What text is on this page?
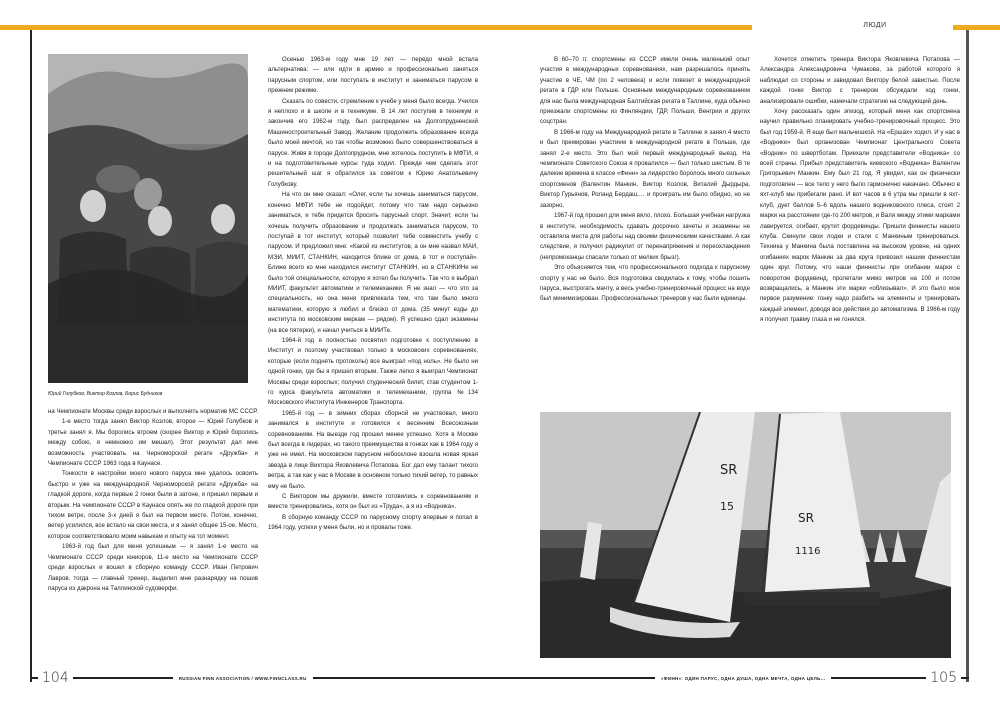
ЛЮДИ
Юрий Голубков, Виктор Козлов, Борис Будников

на Чемпионате Москвы среди взрослых и выполнить норматив МС СССР.

1-е место тогда занял Виктор Козлов, второе — Юрий Голубков и третье занял я. Мы боролись втроем (скорее Виктор и Юрий боролись между собою, я немножко им мешал). Этот результат дал мне возможность участвовать на Черноморской регате «Дружба» и Чемпионате СССР 1963 года в Каунасе.

Тонкости в настройки моего нового паруса мне удалось освоить быстро и уже на международной Черноморской регате «Дружба» на гладкой дороге, когда первые 2 гонки были в затоне, я пришел первым и вторым. На чемпионате СССР в Каунасе опять же по гладкой дороге при тихом ветре, после 3-х дней я был на первом месте. Потом, конечно, ветер усилился, все встало на свои места, и я занял общее 15-ое. Место, которое соответствовало моим навыкам и опыту на тот момент.

1963-й год был для меня успешным — я занял 1-е место на Чемпионате СССР среди юниоров, 11-е место на Чемпионате СССР среди взрослых и вошел в сборную команду СССР. Иван Петрович Лавров, тогда — главный тренер, выделил мне разнарядку на пошив паруса из дакрона на Таллинской судоверфи.

Осенью 1963-м году мне 19 лет — передо мной встала альтернатива: — или идти в армию и профессионально заняться парусным спортом, или поступать в институт и заниматься парусом в прежнем режиме.

Сказать по совести, стремление к учебе у меня было всегда. Учился я неплохо и в школе и в техникуме. В 14 лет поступив в техникум и закончив его 1962-м году, был распределен на Долгопрудненский Машиностроительный Завод. Желание продолжить образование всегда было моей мечтой, но так чтобы возможно было совершенствоваться в парусе. Живя в городе Долгопрудном, мне хотелось поступить в МФТИ, я и на подготовительные курсы туда ходил. Прежде чем сделать этот решительный шаг я обратился за советом к Юрию Анатольевичу Голубкову.

На что он мне сказал: «Олег, если ты хочешь заниматься парусом, конечно МФТИ тебе не подойдет, потому что там надо серьезно заниматься, и тебе придется бросить парусный спорт. Значит, если ты хочешь получить образование и продолжать заниматься парусом, то поступай в тот институт, который позволит тебе совместить учебу с парусом. И предложил мне: «Какой из институтов, а он мне назвал МАИ, МЭИ, МИИТ, СТАНКИН, находится ближе от дома, в тот и поступай». Ближе всего ко мне находился институт СТАНКИН, но в СТАНКИНе не было той специальности, которую я хотел бы получить. Так что я выбрал МИИТ, факультет автоматики и телемеханики. Я не знал — что это за специальность, но она меня привлекала тем, что там было много математики, которую я любил и близко от дома. (35 минут езды до института по московским меркам — рядом). Я успешно сдал экзамены (на все пятерки), и начал учиться в МИИТе.

1964-й год я полностью посвятил подготовке к поступлению в Институт и поэтому участвовал только в московских соревнованиях, которые (если поднять протоколы) все выиграл «под ноль». Не было ни одной гонки, где бы я пришел вторым. Также легко я выиграл Чемпионат Москвы среди взрослых; получил студенческий билет, став студентом 1-го курса факультета автоматики и телемеханики, группа №134 Московского Института Инженеров Транспорта.

1965-й год — в зимних сборах сборной не участвовал, много занимался в институте и готовился к весенним Всесоюзным соревнованиям. На выезде год прошел менее успешно. Хотя в Москве был всегда в лидерах, но такого преимущества в гонках как в 1964 году я уже не имел. На московском парусном небосклоне взошла новая яркая звезда в лице Виктора Яковлевича Потапова. Бог дал ему талант тихого ветра, а так как у нас в Москве в основном только тихий ветер, то равных ему не было.

С Виктором мы дружили, вместе готовились к соревнованиям и вместе тренировались, хотя он был из «Труда», а я из «Водника».

В сборную команду СССР по парусному спорту впервые я попал в 1964 году, успехи у меня были, но и провалы тоже.

В 60–70 гг. спортсмены из СССР имели очень маленький опыт участия в международных соревнованиях, нам разрешалось принять участие в ЧЕ, ЧМ (по 2 человека) и если повезет в международной регате в ГДР или Польше. Основным международным соревнованием для нас была международная Балтийская регата в Таллине, куда обычно приезжали спортсмены из Финляндии, ГДР, Польши, Венгрии и других соцстран.

В 1966-м году на Международной регате в Таллине я занял 4 место и был премирован участием в международной регате в Польше, где занял 2-е место. Это был мой первый международный выезд. На чемпионате Советского Союза я провалился — был только шестым. В те далекие времена в классе «Финн» за лидерство боролось много сильных спортсменов (Валентин Манкин, Виктор Козлов, Виталий Дырдыра, Виктор Гурьянов, Роланд Бердаш,… и проиграть им было обидно, но не зазорно.

1967-й год прошел для меня вяло, плохо. Большая учебная нагрузка в институте, необходимость сдавать досрочно зачеты и экзамены не оставляла места для работы над своими физическими качествами. А как следствие, я получил радикулит от перенапряжения и переохлаждения (непромоканцы спасали только от мелких брызг).

Это объясняется тем, что профессионального подхода к парусному спорту у нас не было. Вся подготовка сводилась к тому, чтобы пошить паруса, выстрогать мачту, а весь учебно-тренировочный процесс на воде был минимизирован. Профессиональных тренеров у нас были единицы.

Хочется отметить тренера Виктора Яковлевича Потапова — Александра Александровича Чумакова, за работой которого я наблюдал со стороны и завидовал Виктору белой завистью. После каждой гонки Виктор с тренером обсуждали ход гонки, анализировали ошибки, намечали стратегию на следующий день.

Хочу рассказать один эпизод, который меня как спортсмена научил правильно планировать учебно-тренировочный процесс. Это был год 1959-й. Я еще был мальчишкой. На «Ершах» ходил. И у нас в «Воднике» был организован Чемпионат Центрального Совета «Водник» по швертботам. Приехали представители «Водника» со всей страны. Прибыл представитель киевского «Водника» Валентин Григорьевич Манкин. Ему был 21 год. Я увидел, как он физически подготовлен — все тело у него было гармонично накачано. Обычно в яхт-клуб мы прибегали рано. И вот часов в 6 утра мы пришли в яхт-клуб, дует баллов 5–6 вдоль нашего водниковского плеса, стоят 2 марки на расстоянии где-то 200 метров, и Валя между этими марками лавируется, огибает, крутит фордевинды. Пришли финнисты нашего клуба. Скинули свои лодки и стали с Манкиным тренироваться. Техника у Манкина была поставлена на высоком уровне, на одних огибаниях марок Манкин за два круга привозил нашим финнистам один круг. Потому, что наши финнисты при огибании марки с поворотом фордевинд, пролетали мимо метров на 100 и потом возвращались, а Манкин эти марки «облизывал». И это было мое первое разумение: гонку надо разбить на элементы и тренировать каждый элемент, доводя все действия до автоматизма. В 1966-м году я получил травму глаза и не гонялся.

SR
15
SR
1116
104	RUSSIAN FINN ASSOCIATION / WWW.FINNCLASS.RU	«ФИНН»: ОДИН ПАРУС, ОДНА ДУША, ОДНА МЕЧТА, ОДНА ЦЕЛЬ…	105
